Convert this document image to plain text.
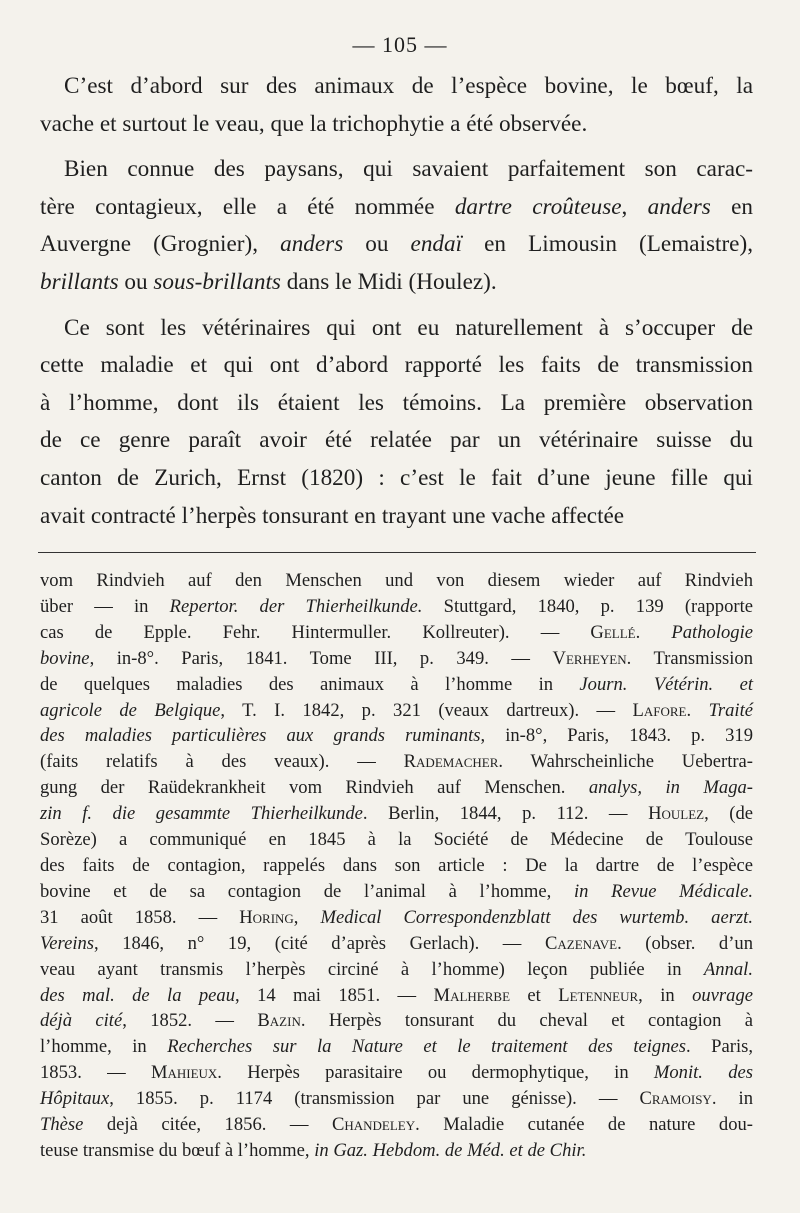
— 105 —

C’est d’abord sur des animaux de l’espèce bovine, le bœuf, la

vache et surtout le veau, que la trichophytie a été observée.

Bien connue des paysans, qui savaient parfaitement son carac-

tère contagieux, elle a été nommée dartre croûteuse, anders en

Auvergne (Grognier), anders ou endaï en Limousin (Lemaistre),

brillants ou sous-brillants dans le Midi (Houlez).

Ce sont les vétérinaires qui ont eu naturellement à s’occuper de

cette maladie et qui ont d’abord rapporté les faits de transmission

à l’homme, dont ils étaient les témoins. La première observation

de ce genre paraît avoir été relatée par un vétérinaire suisse du

canton de Zurich, Ernst (1820) : c’est le fait d’une jeune fille qui

avait contracté l’herpès tonsurant en trayant une vache affectée

vom Rindvieh auf den Menschen und von diesem wieder auf Rindvieh
über — in Repertor. der Thierheilkunde. Stuttgard, 1840, p. 139 (rapporte
cas de Epple. Fehr. Hintermuller. Kollreuter). — Gellé. Pathologie
bovine, in-8°. Paris, 1841. Tome III, p. 349. — Verheyen. Transmission
de quelques maladies des animaux à l’homme in Journ. Vétérin. et
agricole de Belgique, T. I. 1842, p. 321 (veaux dartreux). — Lafore. Traité
des maladies particulières aux grands ruminants, in-8°, Paris, 1843. p. 319
(faits relatifs à des veaux). — Rademacher. Wahrscheinliche Uebertra-
gung der Raüdekrankheit vom Rindvieh auf Menschen. analys, in Maga-
zin f. die gesammte Thierheilkunde. Berlin, 1844, p. 112. — Houlez, (de
Sorèze) a communiqué en 1845 à la Société de Médecine de Toulouse
des faits de contagion, rappelés dans son article : De la dartre de l’espèce
bovine et de sa contagion de l’animal à l’homme, in Revue Médicale.
31 août 1858. — Horing, Medical Correspondenzblatt des wurtemb. aerzt.
Vereins, 1846, n° 19, (cité d’après Gerlach). — Cazenave. (obser. d’un
veau ayant transmis l’herpès circiné à l’homme) leçon publiée in Annal.
des mal. de la peau, 14 mai 1851. — Malherbe et Letenneur, in ouvrage
déjà cité, 1852. — Bazin. Herpès tonsurant du cheval et contagion à
l’homme, in Recherches sur la Nature et le traitement des teignes. Paris,
1853. — Mahieux. Herpès parasitaire ou dermophytique, in Monit. des
Hôpitaux, 1855. p. 1174 (transmission par une génisse). — Cramoisy. in
Thèse dejà citée, 1856. — Chandeley. Maladie cutanée de nature dou-
teuse transmise du bœuf à l’homme, in Gaz. Hebdom. de Méd. et de Chir.
